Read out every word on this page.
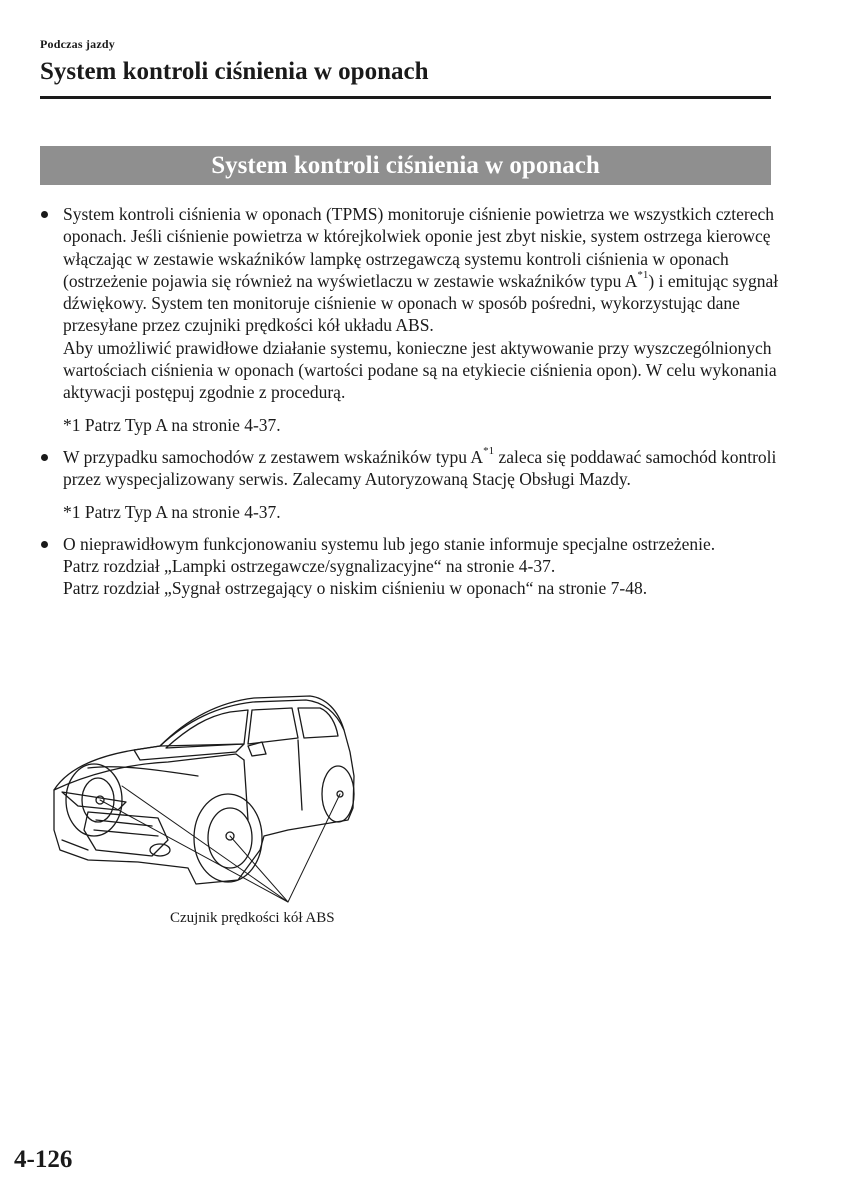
Podczas jazdy
System kontroli ciśnienia w oponach
System kontroli ciśnienia w oponach

System kontroli ciśnienia w oponach (TPMS) monitoruje ciśnienie powietrza we wszystkich czterech oponach. Jeśli ciśnienie powietrza w którejkolwiek oponie jest zbyt niskie, system ostrzega kierowcę włączając w zestawie wskaźników lampkę ostrzegawczą systemu kontroli ciśnienia w oponach (ostrzeżenie pojawia się również na wyświetlaczu w zestawie wskaźników typu $A^{*1}$) i emitując sygnał dźwiękowy. System ten monitoruje ciśnienie w oponach w sposób pośredni, wykorzystując dane przesyłane przez czujniki prędkości kół układu ABS.

Aby umożliwić prawidłowe działanie systemu, konieczne jest aktywowanie przy wyszczególnionych wartościach ciśnienia w oponach (wartości podane są na etykiecie ciśnienia opon). W celu wykonania aktywacji postępuj zgodnie z procedurą.

*1 Patrz Typ A na stronie 4-37.

W przypadku samochodów z zestawem wskaźników typu $A^{*1}$ zaleca się poddawać samochód kontroli przez wyspecjalizowany serwis. Zalecamy Autoryzowaną Stację Obsługi Mazdy.

*1 Patrz Typ A na stronie 4-37.

O nieprawidłowym funkcjonowaniu systemu lub jego stanie informuje specjalne ostrzeżenie.

Patrz rozdział „Lampki ostrzegawcze/sygnalizacyjne“ na stronie 4-37.

Patrz rozdział „Sygnał ostrzegający o niskim ciśnieniu w oponach“ na stronie 7-48.

Czujnik prędkości kół ABS
4-126
